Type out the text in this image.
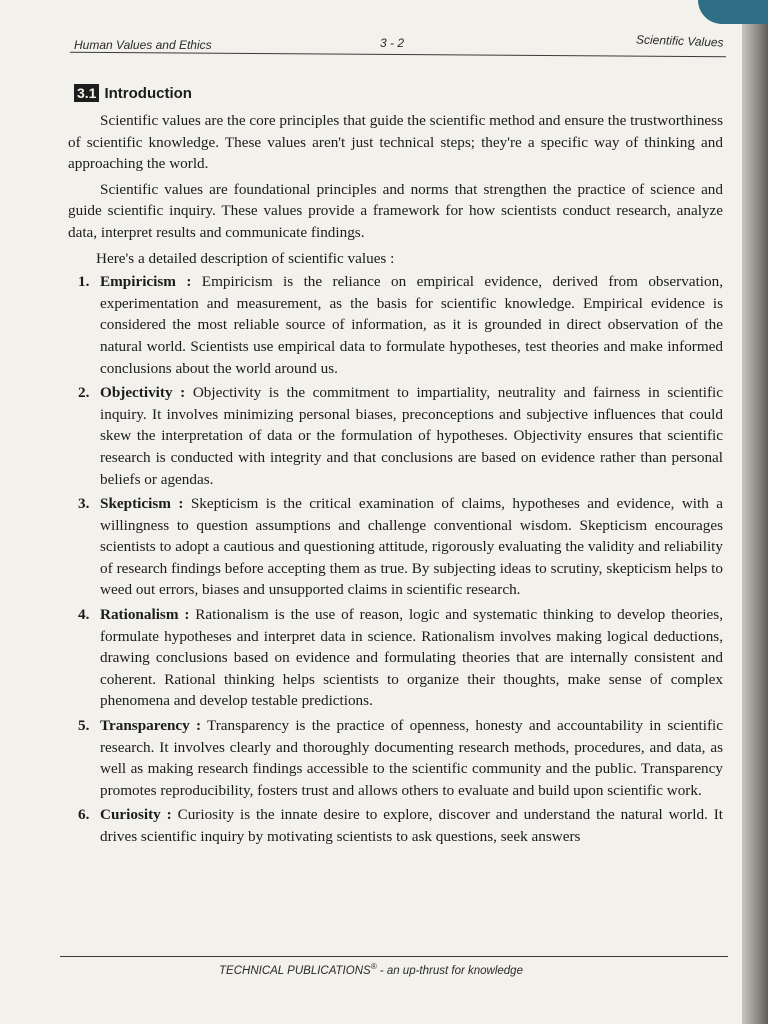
Human Values and Ethics	3 - 2	Scientific Values
3.1 Introduction

Scientific values are the core principles that guide the scientific method and ensure the trustworthiness of scientific knowledge. These values aren't just technical steps; they're a specific way of thinking and approaching the world.

Scientific values are foundational principles and norms that strengthen the practice of science and guide scientific inquiry. These values provide a framework for how scientists conduct research, analyze data, interpret results and communicate findings.

Here's a detailed description of scientific values :

1. Empiricism : Empiricism is the reliance on empirical evidence, derived from observation, experimentation and measurement, as the basis for scientific knowledge. Empirical evidence is considered the most reliable source of information, as it is grounded in direct observation of the natural world. Scientists use empirical data to formulate hypotheses, test theories and make informed conclusions about the world around us.
2. Objectivity : Objectivity is the commitment to impartiality, neutrality and fairness in scientific inquiry. It involves minimizing personal biases, preconceptions and subjective influences that could skew the interpretation of data or the formulation of hypotheses. Objectivity ensures that scientific research is conducted with integrity and that conclusions are based on evidence rather than personal beliefs or agendas.
3. Skepticism : Skepticism is the critical examination of claims, hypotheses and evidence, with a willingness to question assumptions and challenge conventional wisdom. Skepticism encourages scientists to adopt a cautious and questioning attitude, rigorously evaluating the validity and reliability of research findings before accepting them as true. By subjecting ideas to scrutiny, skepticism helps to weed out errors, biases and unsupported claims in scientific research.
4. Rationalism : Rationalism is the use of reason, logic and systematic thinking to develop theories, formulate hypotheses and interpret data in science. Rationalism involves making logical deductions, drawing conclusions based on evidence and formulating theories that are internally consistent and coherent. Rational thinking helps scientists to organize their thoughts, make sense of complex phenomena and develop testable predictions.
5. Transparency : Transparency is the practice of openness, honesty and accountability in scientific research. It involves clearly and thoroughly documenting research methods, procedures, and data, as well as making research findings accessible to the scientific community and the public. Transparency promotes reproducibility, fosters trust and allows others to evaluate and build upon scientific work.
6. Curiosity : Curiosity is the innate desire to explore, discover and understand the natural world. It drives scientific inquiry by motivating scientists to ask questions, seek answers
TECHNICAL PUBLICATIONS® - an up-thrust for knowledge
